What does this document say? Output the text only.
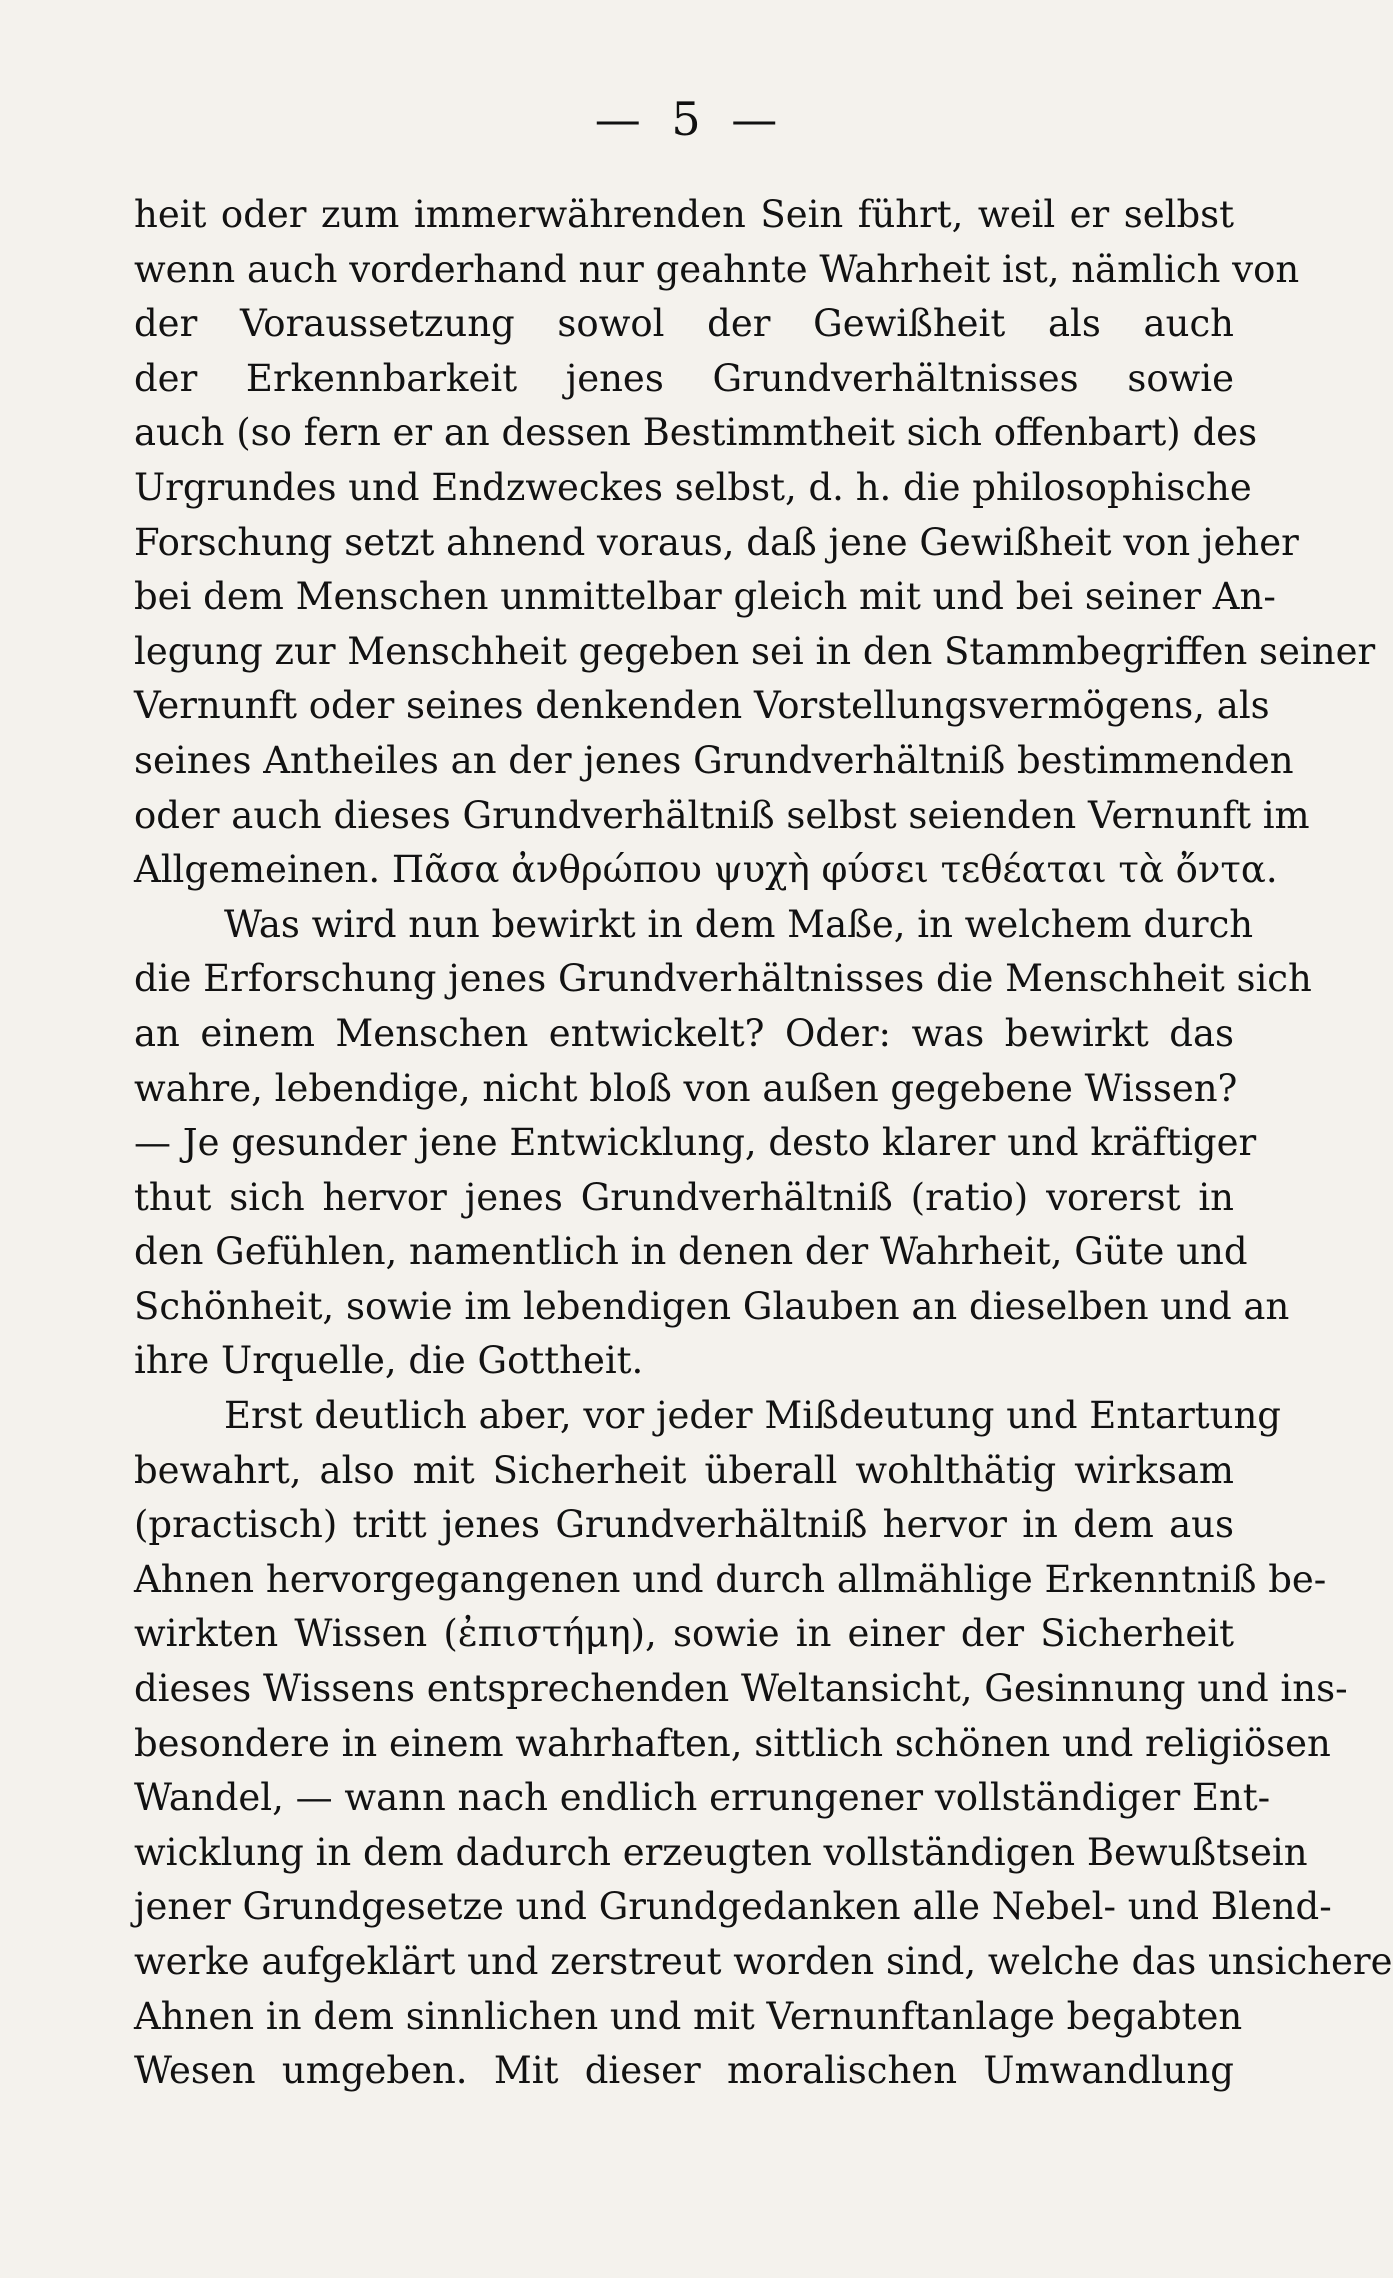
— 5 —
heit oder zum immerwährenden Sein führt, weil er selbst
wenn auch vorderhand nur geahnte Wahrheit ist, nämlich von
der Voraussetzung sowol der Gewißheit als auch
der Erkennbarkeit jenes Grundverhältnisses sowie
auch (so fern er an dessen Bestimmtheit sich offenbart) des
Urgrundes und Endzweckes selbst, d. h. die philosophische
Forschung setzt ahnend voraus, daß jene Gewißheit von jeher
bei dem Menschen unmittelbar gleich mit und bei seiner An-
legung zur Menschheit gegeben sei in den Stammbegriffen seiner
Vernunft oder seines denkenden Vorstellungsvermögens, als
seines Antheiles an der jenes Grundverhältniß bestimmenden
oder auch dieses Grundverhältniß selbst seienden Vernunft im
Allgemeinen. Πᾶσα ἀνθρώπου ψυχὴ φύσει τεθέαται τὰ ὄντα.
Was wird nun bewirkt in dem Maße, in welchem durch
die Erforschung jenes Grundverhältnisses die Menschheit sich
an einem Menschen entwickelt? Oder: was bewirkt das
wahre, lebendige, nicht bloß von außen gegebene Wissen?
— Je gesunder jene Entwicklung, desto klarer und kräftiger
thut sich hervor jenes Grundverhältniß (ratio) vorerst in
den Gefühlen, namentlich in denen der Wahrheit, Güte und
Schönheit, sowie im lebendigen Glauben an dieselben und an
ihre Urquelle, die Gottheit.
Erst deutlich aber, vor jeder Mißdeutung und Entartung
bewahrt, also mit Sicherheit überall wohlthätig wirksam
(practisch) tritt jenes Grundverhältniß hervor in dem aus
Ahnen hervorgegangenen und durch allmählige Erkenntniß be-
wirkten Wissen (ἐπιστήμη), sowie in einer der Sicherheit
dieses Wissens entsprechenden Weltansicht, Gesinnung und ins-
besondere in einem wahrhaften, sittlich schönen und religiösen
Wandel, — wann nach endlich errungener vollständiger Ent-
wicklung in dem dadurch erzeugten vollständigen Bewußtsein
jener Grundgesetze und Grundgedanken alle Nebel- und Blend-
werke aufgeklärt und zerstreut worden sind, welche das unsichere
Ahnen in dem sinnlichen und mit Vernunftanlage begabten
Wesen umgeben. Mit dieser moralischen Umwandlung
